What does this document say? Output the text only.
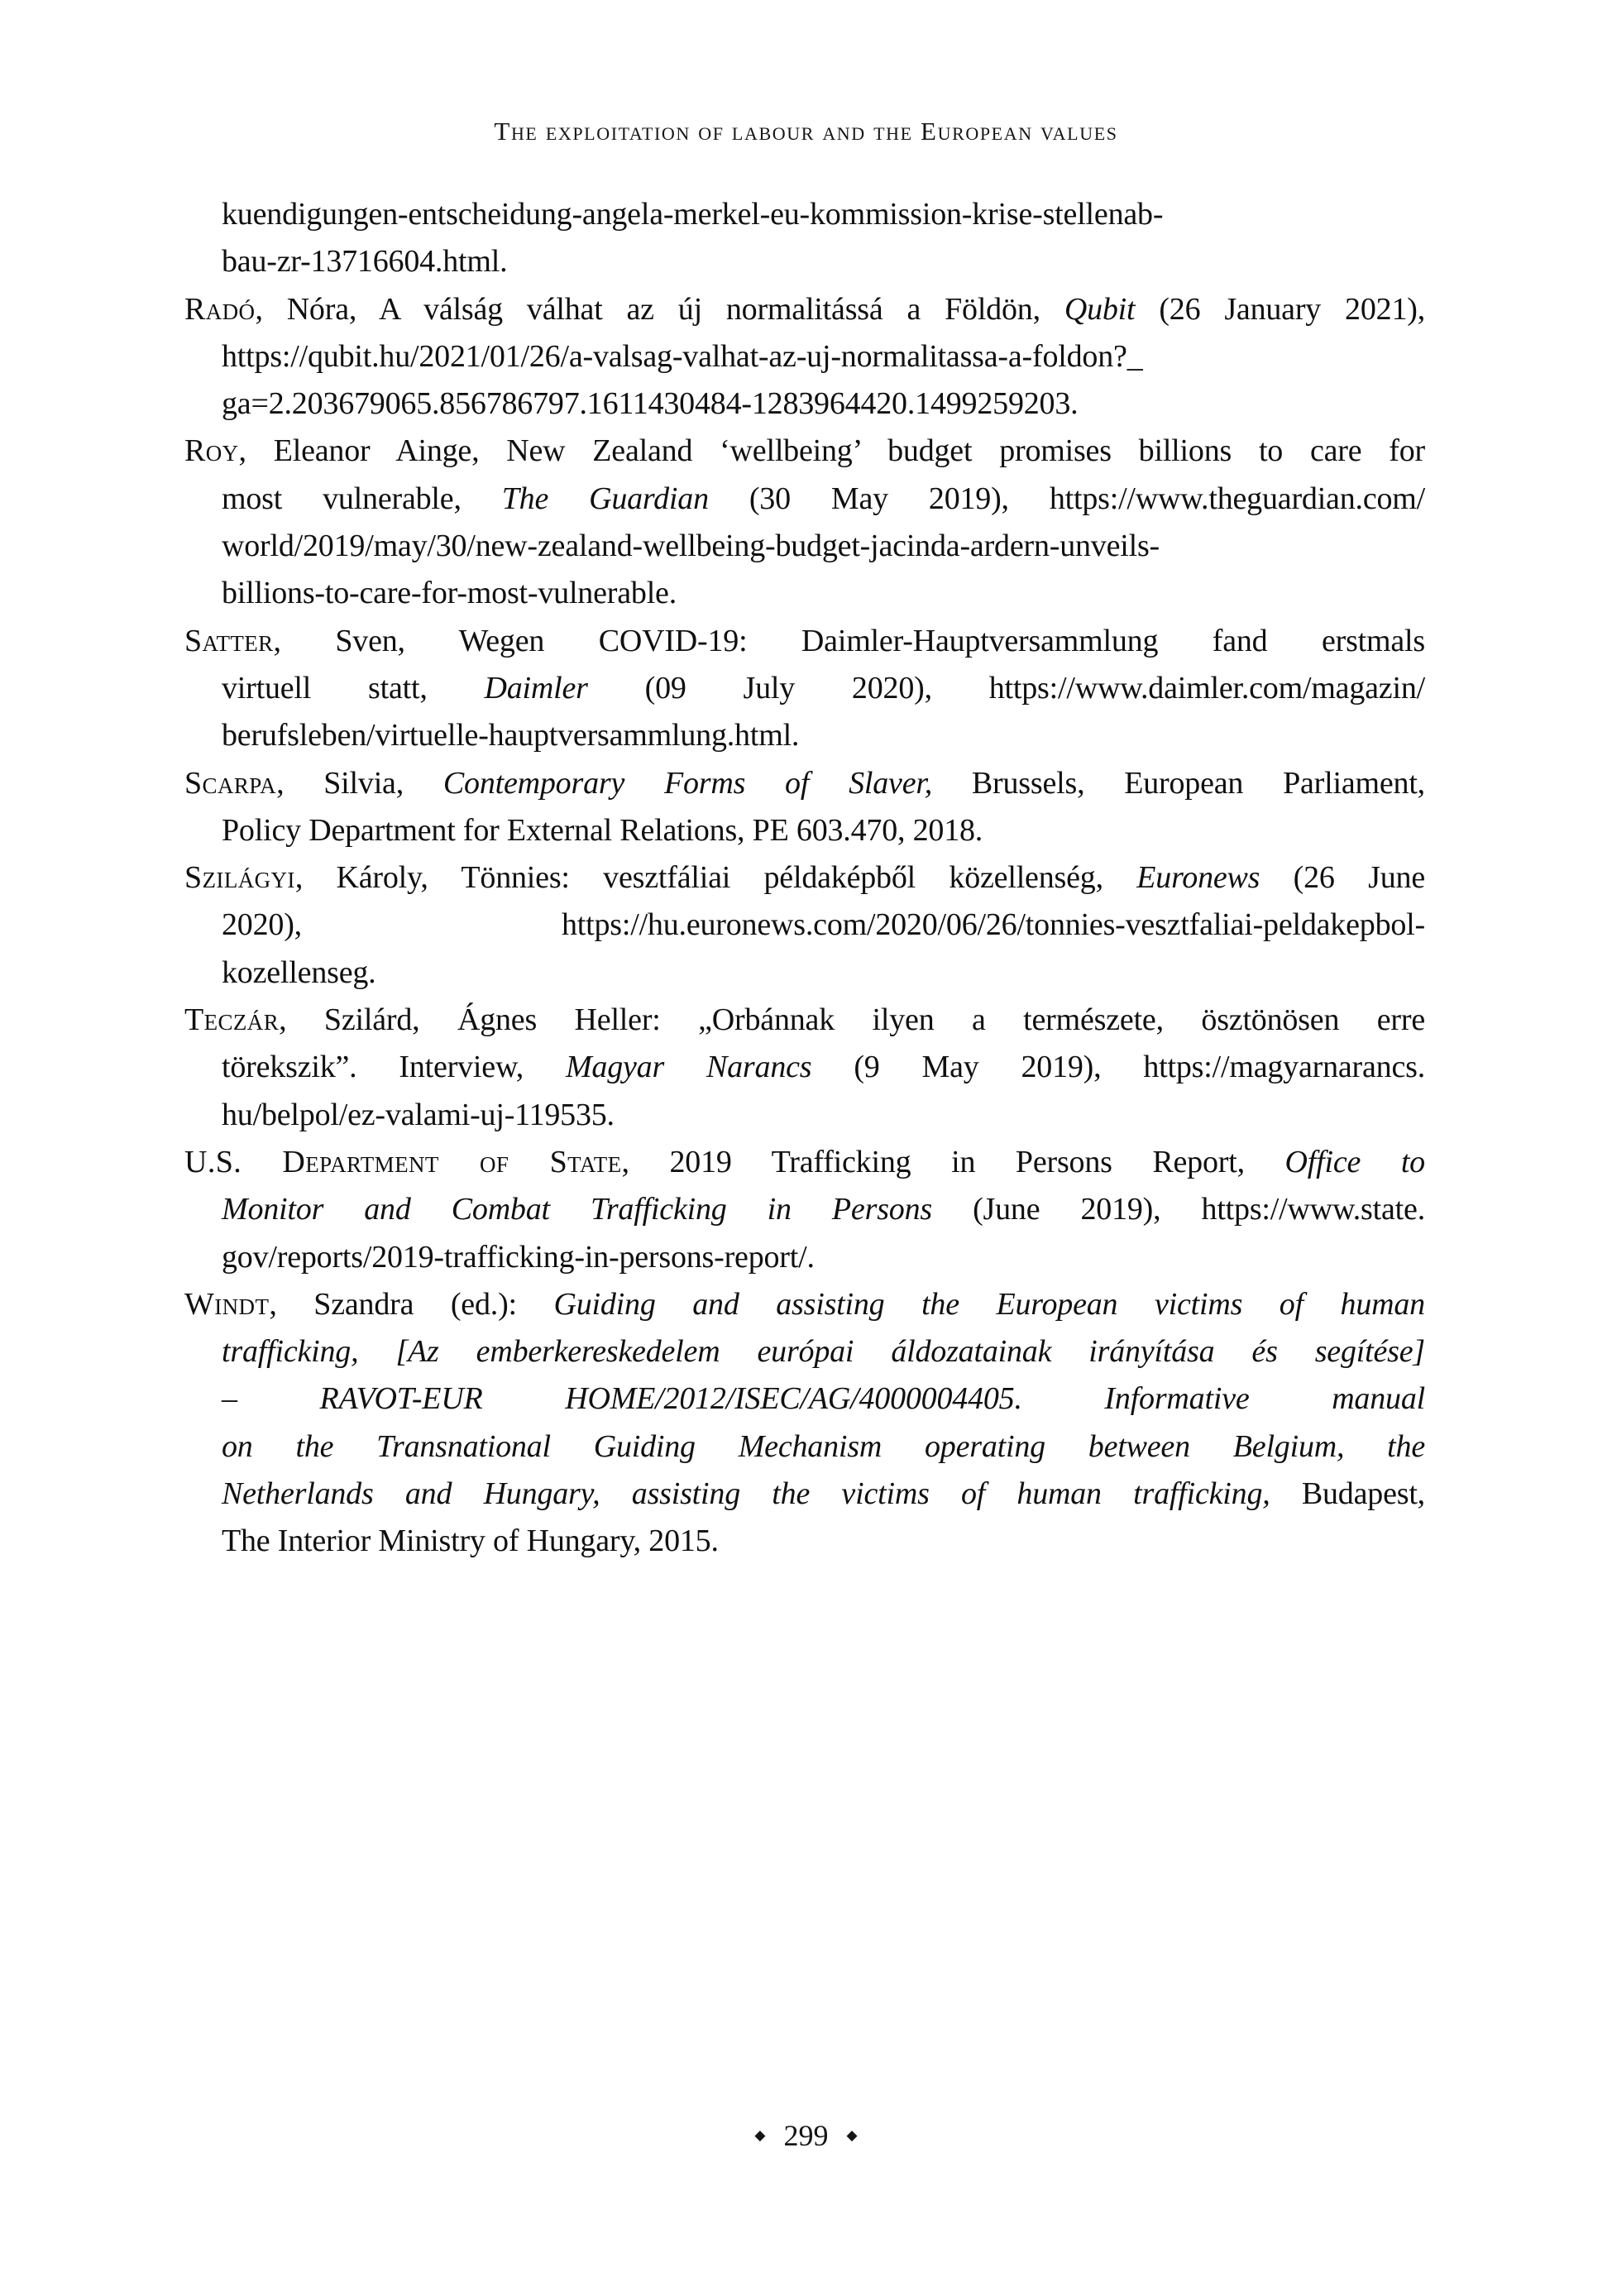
The exploitation of labour and the European values
kuendigungen-entscheidung-angela-merkel-eu-kommission-krise-stellenab-
bau-zr-13716604.html.
Radó, Nóra, A válság válhat az új normalitássá a Földön, Qubit (26 January 2021),
https://qubit.hu/2021/01/26/a-valsag-valhat-az-uj-normalitassa-a-foldon?_
ga=2.203679065.856786797.1611430484-1283964420.1499259203.
Roy, Eleanor Ainge, New Zealand ‘wellbeing’ budget promises billions to care for
most vulnerable, The Guardian (30 May 2019), https://www.theguardian.com/
world/2019/may/30/new-zealand-wellbeing-budget-jacinda-ardern-unveils-
billions-to-care-for-most-vulnerable.
Satter, Sven, Wegen COVID-19: Daimler-Hauptversammlung fand erstmals
virtuell statt, Daimler (09 July 2020), https://www.daimler.com/magazin/
berufsleben/virtuelle-hauptversammlung.html.
Scarpa, Silvia, Contemporary Forms of Slaver, Brussels, European Parliament,
Policy Department for External Relations, PE 603.470, 2018.
Szilágyi, Károly, Tönnies: vesztfáliai példaképből közellenség, Euronews (26 June
2020), https://hu.euronews.com/2020/06/26/tonnies-vesztfaliai-peldakepbol-
kozellenseg.
Teczár, Szilárd, Ágnes Heller: „Orbánnak ilyen a természete, ösztönösen erre
törekszik”. Interview, Magyar Narancs (9 May 2019), https://magyarnarancs.
hu/belpol/ez-valami-uj-119535.
U.S. Department of State, 2019 Trafficking in Persons Report, Office to
Monitor and Combat Trafficking in Persons (June 2019), https://www.state.
gov/reports/2019-trafficking-in-persons-report/.
Windt, Szandra (ed.): Guiding and assisting the European victims of human
trafficking, [Az emberkereskedelem európai áldozatainak irányítása és segítése]
– RAVOT-EUR HOME/2012/ISEC/AG/4000004405. Informative manual
on the Transnational Guiding Mechanism operating between Belgium, the
Netherlands and Hungary, assisting the victims of human trafficking, Budapest,
The Interior Ministry of Hungary, 2015.
◆ 299 ◆
